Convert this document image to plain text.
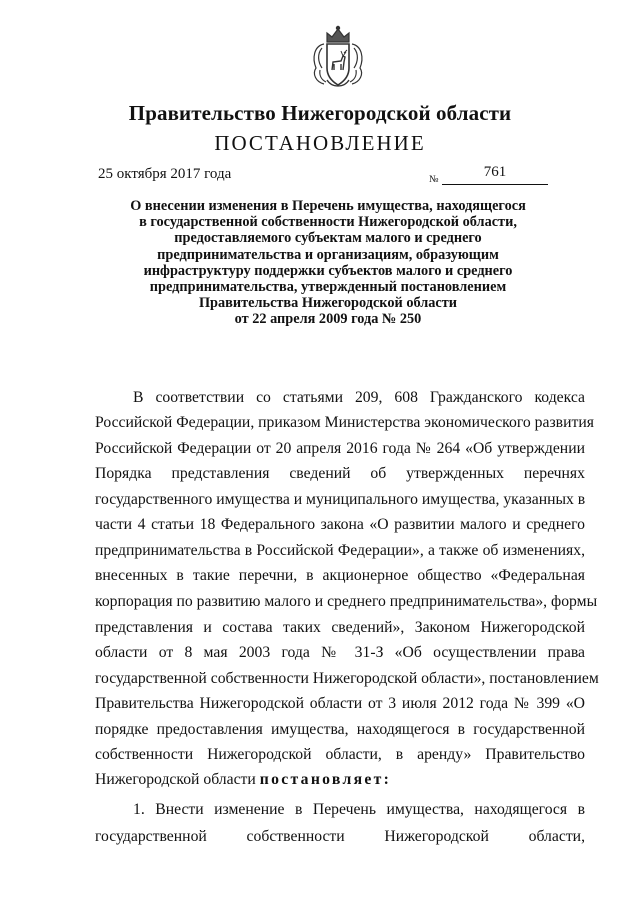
Правительство Нижегородской области
ПОСТАНОВЛЕНИЕ
25 октября 2017 года	№	761
О внесении изменения в Перечень имущества, находящегося
в государственной собственности Нижегородской области,
предоставляемого субъектам малого и среднего
предпринимательства и организациям, образующим
инфраструктуру поддержки субъектов малого и среднего
предпринимательства, утвержденный постановлением
Правительства Нижегородской области
от 22 апреля 2009 года № 250
В соответствии со статьями 209, 608 Гражданского кодекса
Российской Федерации, приказом Министерства экономического развития
Российской Федерации от 20 апреля 2016 года № 264 «Об утверждении
Порядка представления сведений об утвержденных перечнях
государственного имущества и муниципального имущества, указанных в
части 4 статьи 18 Федерального закона «О развитии малого и среднего
предпринимательства в Российской Федерации», а также об изменениях,
внесенных в такие перечни, в акционерное общество «Федеральная
корпорация по развитию малого и среднего предпринимательства», формы
представления и состава таких сведений», Законом Нижегородской
области от 8 мая 2003 года № 31-З «Об осуществлении права
государственной собственности Нижегородской области», постановлением
Правительства Нижегородской области от 3 июля 2012 года № 399 «О
порядке предоставления имущества, находящегося в государственной
собственности Нижегородской области, в аренду» Правительство
Нижегородской области постановляет:
1. Внести изменение в Перечень имущества, находящегося в
государственной собственности Нижегородской области,
